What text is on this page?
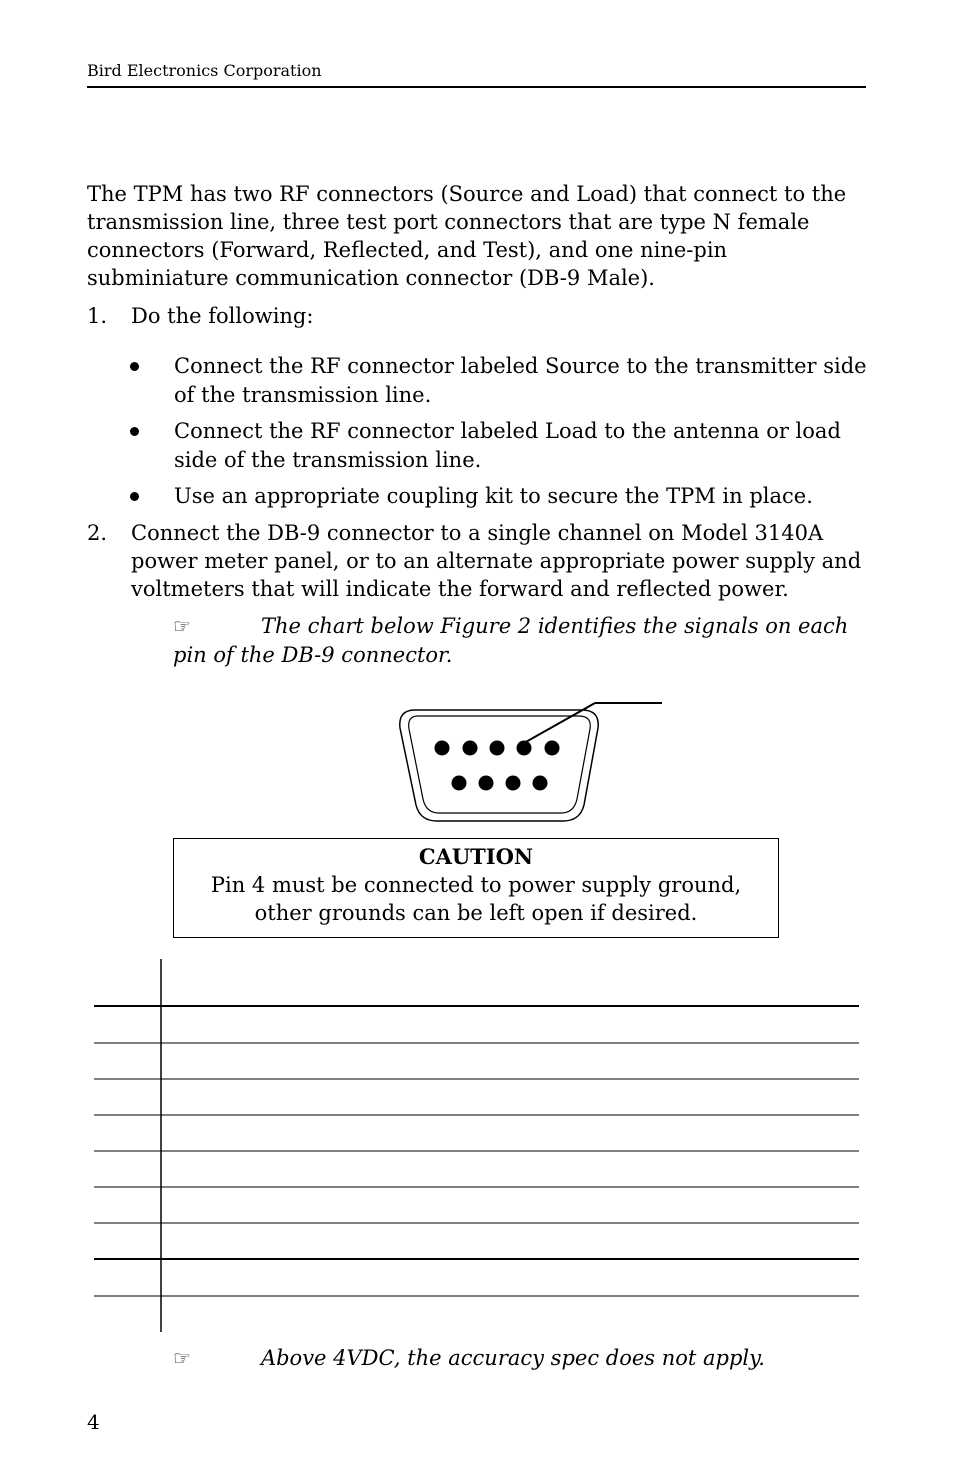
Bird Electronics Corporation

The TPM has two RF connectors (Source and Load) that connect to the transmission line, three test port connectors that are type N female connectors (Forward, Reflected, and Test), and one nine-pin subminiature communication connector (DB-9 Male).

1. Do the following:
Connect the RF connector labeled Source to the transmitter side of the transmission line.
Connect the RF connector labeled Load to the antenna or load side of the transmission line.
Use an appropriate coupling kit to secure the TPM in place.
2. Connect the DB-9 connector to a single channel on Model 3140A power meter panel, or to an alternate appropriate power supply and voltmeters that will indicate the forward and reflected power.
☞	The chart below Figure 2 identifies the signals on each pin of the DB-9 connector.
CAUTION
Pin 4 must be connected to power supply ground,
other grounds can be left open if desired.
☞	Above 4VDC, the accuracy spec does not apply.
4
